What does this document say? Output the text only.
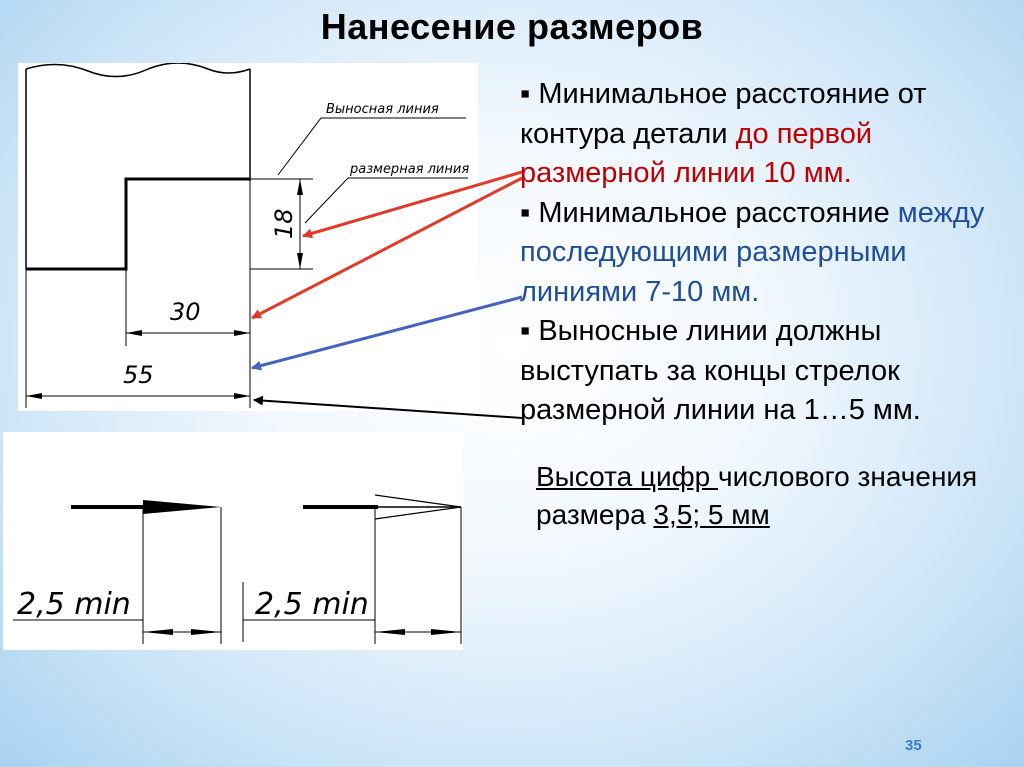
Нанесение размеров
Выносная линия
размерная линия
18
30
55
2,5 min	2,5 min

▪ Минимальное расстояние от контура детали до первой размерной линии 10 мм.

▪ Минимальное расстояние между последующими размерными линиями 7-10 мм.

▪ Выносные линии должны выступать за концы стрелок размерной линии на 1…5 мм.

Высота цифр числового значения размера 3,5; 5 мм
35
